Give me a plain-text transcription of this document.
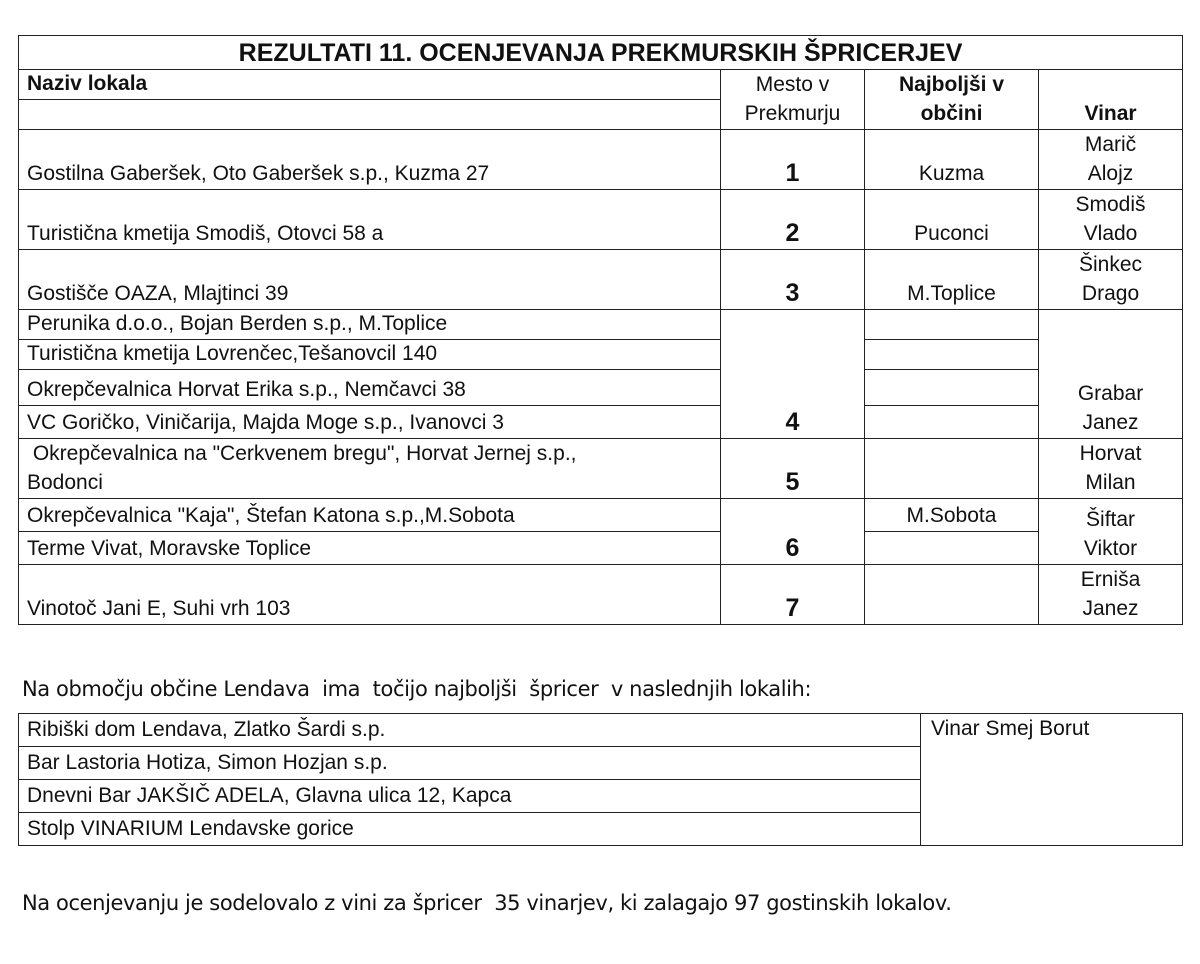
REZULTATI 11. OCENJEVANJA PREKMURSKIH ŠPRICERJEV			
Naziv lokala	Mesto v	Najboljši v	
	Prekmurju	občini	Vinar
Gostilna Gaberšek, Oto Gaberšek s.p., Kuzma 27	1	Kuzma	Marič
Alojz

Turistična kmetija Smodiš, Otovci 58 a	2	Puconci	Smodiš
Vlado

Gostišče OAZA, Mlajtinci 39	3	M.Toplice	Šinkec
Drago

Perunika d.o.o., Bojan Berden s.p., M.Toplice	4		Grabar
Janez

Turistična kmetija Lovrenčec,Tešanovcil 140			
Okrepčevalnica Horvat Erika s.p., Nemčavci 38			
VC Goričko, Viničarija, Majda Moge s.p., Ivanovci 3			

Okrepčevalnica na "Cerkvenem bregu", Horvat Jernej s.p.,
Bodonci	5		Horvat
Milan

Okrepčevalnica "Kaja", Štefan Katona s.p.,M.Sobota	6	M.Sobota	Šiftar
Viktor

Terme Vivat, Moravske Toplice			
Vinotoč Jani E, Suhi vrh 103	7		Erniša
Janez
Na območju občine Lendava  ima  točijo najboljši  špricer  v naslednjih lokalih:
Ribiški dom Lendava, Zlatko Šardi s.p.	Vinar Smej Borut
Bar Lastoria Hotiza, Simon Hozjan s.p.
Dnevni Bar JAKŠIČ ADELA, Glavna ulica 12, Kapca
Stolp VINARIUM Lendavske gorice
Na ocenjevanju je sodelovalo z vini za špricer  35 vinarjev, ki zalagajo 97 gostinskih lokalov.
